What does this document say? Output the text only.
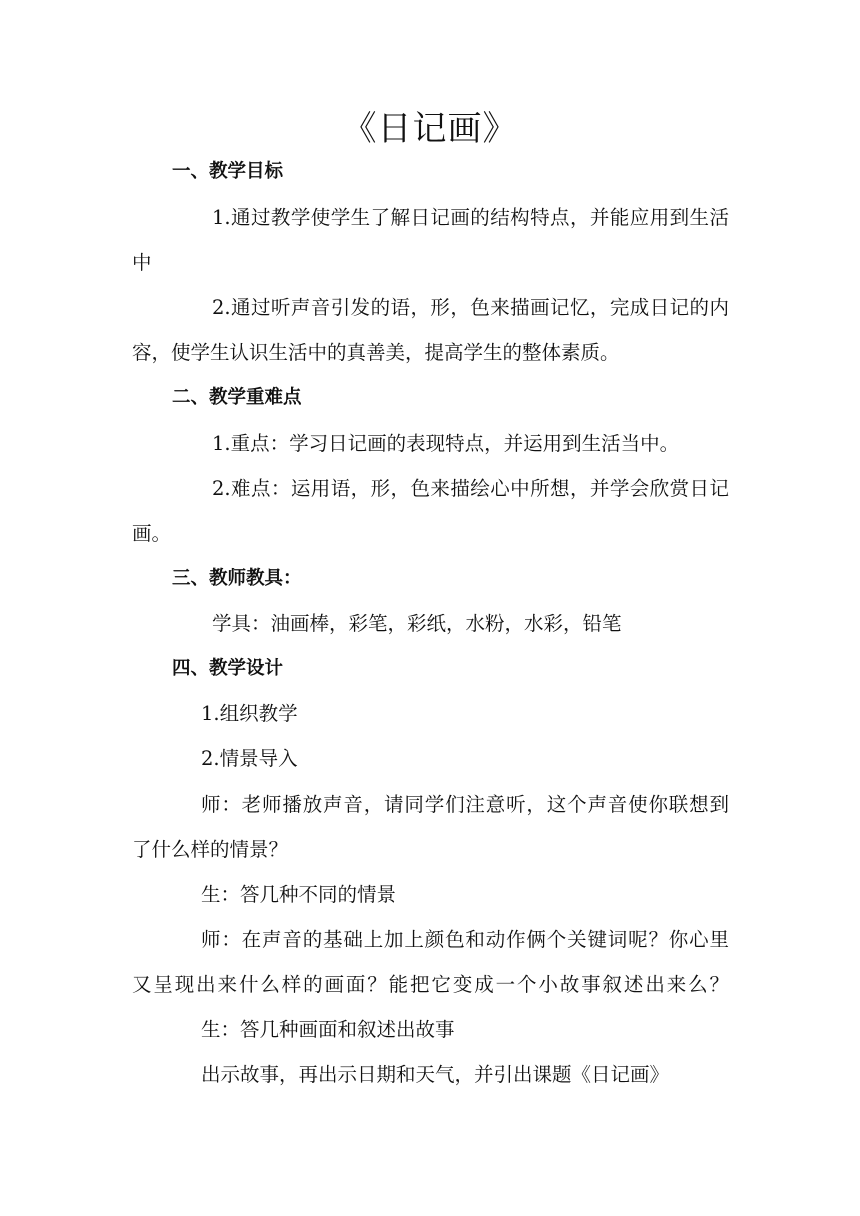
《日记画》
一、教学目标
1.通过教学使学生了解日记画的结构特点，并能应用到生活
中
2.通过听声音引发的语，形，色来描画记忆，完成日记的内
容，使学生认识生活中的真善美，提高学生的整体素质。
二、教学重难点
1.重点：学习日记画的表现特点，并运用到生活当中。
2.难点：运用语，形，色来描绘心中所想，并学会欣赏日记
画。
三、教师教具：
学具：油画棒，彩笔，彩纸，水粉，水彩，铅笔
四、教学设计
1.组织教学
2.情景导入
师：老师播放声音，请同学们注意听，这个声音使你联想到
了什么样的情景？
生：答几种不同的情景
师：在声音的基础上加上颜色和动作俩个关键词呢？你心里
又呈现出来什么样的画面？能把它变成一个小故事叙述出来么？
生：答几种画面和叙述出故事
出示故事，再出示日期和天气，并引出课题《日记画》
